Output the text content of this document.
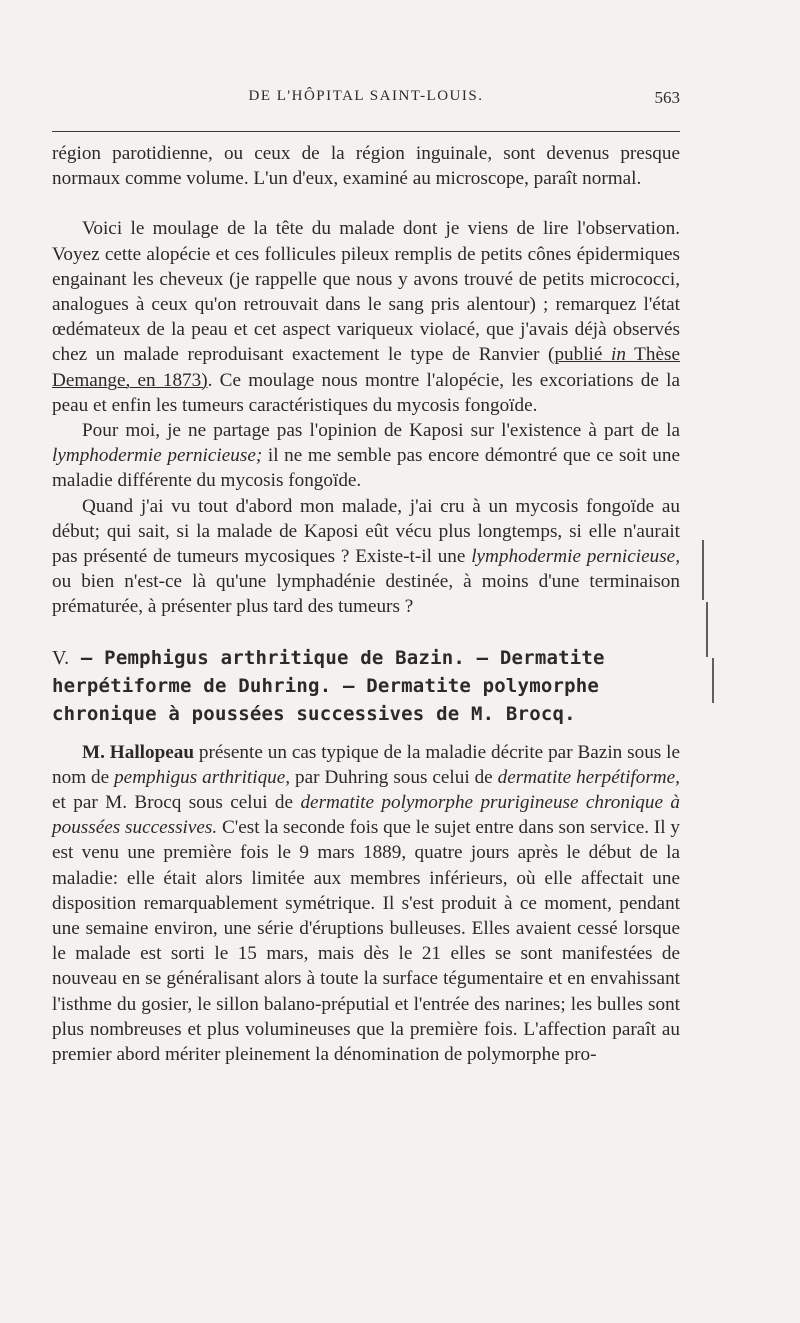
DE L'HÔPITAL SAINT-LOUIS.	563

région parotidienne, ou ceux de la région inguinale, sont devenus presque normaux comme volume. L'un d'eux, examiné au microscope, paraît normal.

Voici le moulage de la tête du malade dont je viens de lire l'observation. Voyez cette alopécie et ces follicules pileux remplis de petits cônes épidermiques engainant les cheveux (je rappelle que nous y avons trouvé de petits micrococci, analogues à ceux qu'on retrouvait dans le sang pris alentour) ; remarquez l'état œdémateux de la peau et cet aspect variqueux violacé, que j'avais déjà observés chez un malade reproduisant exactement le type de Ranvier (publié in Thèse Demange, en 1873). Ce moulage nous montre l'alopécie, les excoriations de la peau et enfin les tumeurs caractéristiques du mycosis fongoïde.

Pour moi, je ne partage pas l'opinion de Kaposi sur l'existence à part de la lymphodermie pernicieuse; il ne me semble pas encore démontré que ce soit une maladie différente du mycosis fongoïde.

Quand j'ai vu tout d'abord mon malade, j'ai cru à un mycosis fongoïde au début; qui sait, si la malade de Kaposi eût vécu plus longtemps, si elle n'aurait pas présenté de tumeurs mycosiques ? Existe-t-il une lymphodermie pernicieuse, ou bien n'est-ce là qu'une lymphadénie destinée, à moins d'une terminaison prématurée, à présenter plus tard des tumeurs ?

V. — Pemphigus arthritique de Bazin. — Dermatite herpétiforme de Duhring. — Dermatite polymorphe chronique à poussées successives de M. Brocq.

M. Hallopeau présente un cas typique de la maladie décrite par Bazin sous le nom de pemphigus arthritique, par Duhring sous celui de dermatite herpétiforme, et par M. Brocq sous celui de dermatite polymorphe prurigineuse chronique à poussées successives. C'est la seconde fois que le sujet entre dans son service. Il y est venu une première fois le 9 mars 1889, quatre jours après le début de la maladie: elle était alors limitée aux membres inférieurs, où elle affectait une disposition remarquablement symétrique. Il s'est produit à ce moment, pendant une semaine environ, une série d'éruptions bulleuses. Elles avaient cessé lorsque le malade est sorti le 15 mars, mais dès le 21 elles se sont manifestées de nouveau en se généralisant alors à toute la surface tégumentaire et en envahissant l'isthme du gosier, le sillon balano-préputial et l'entrée des narines; les bulles sont plus nombreuses et plus volumineuses que la première fois. L'affection paraît au premier abord mériter pleinement la dénomination de polymorphe pro-
